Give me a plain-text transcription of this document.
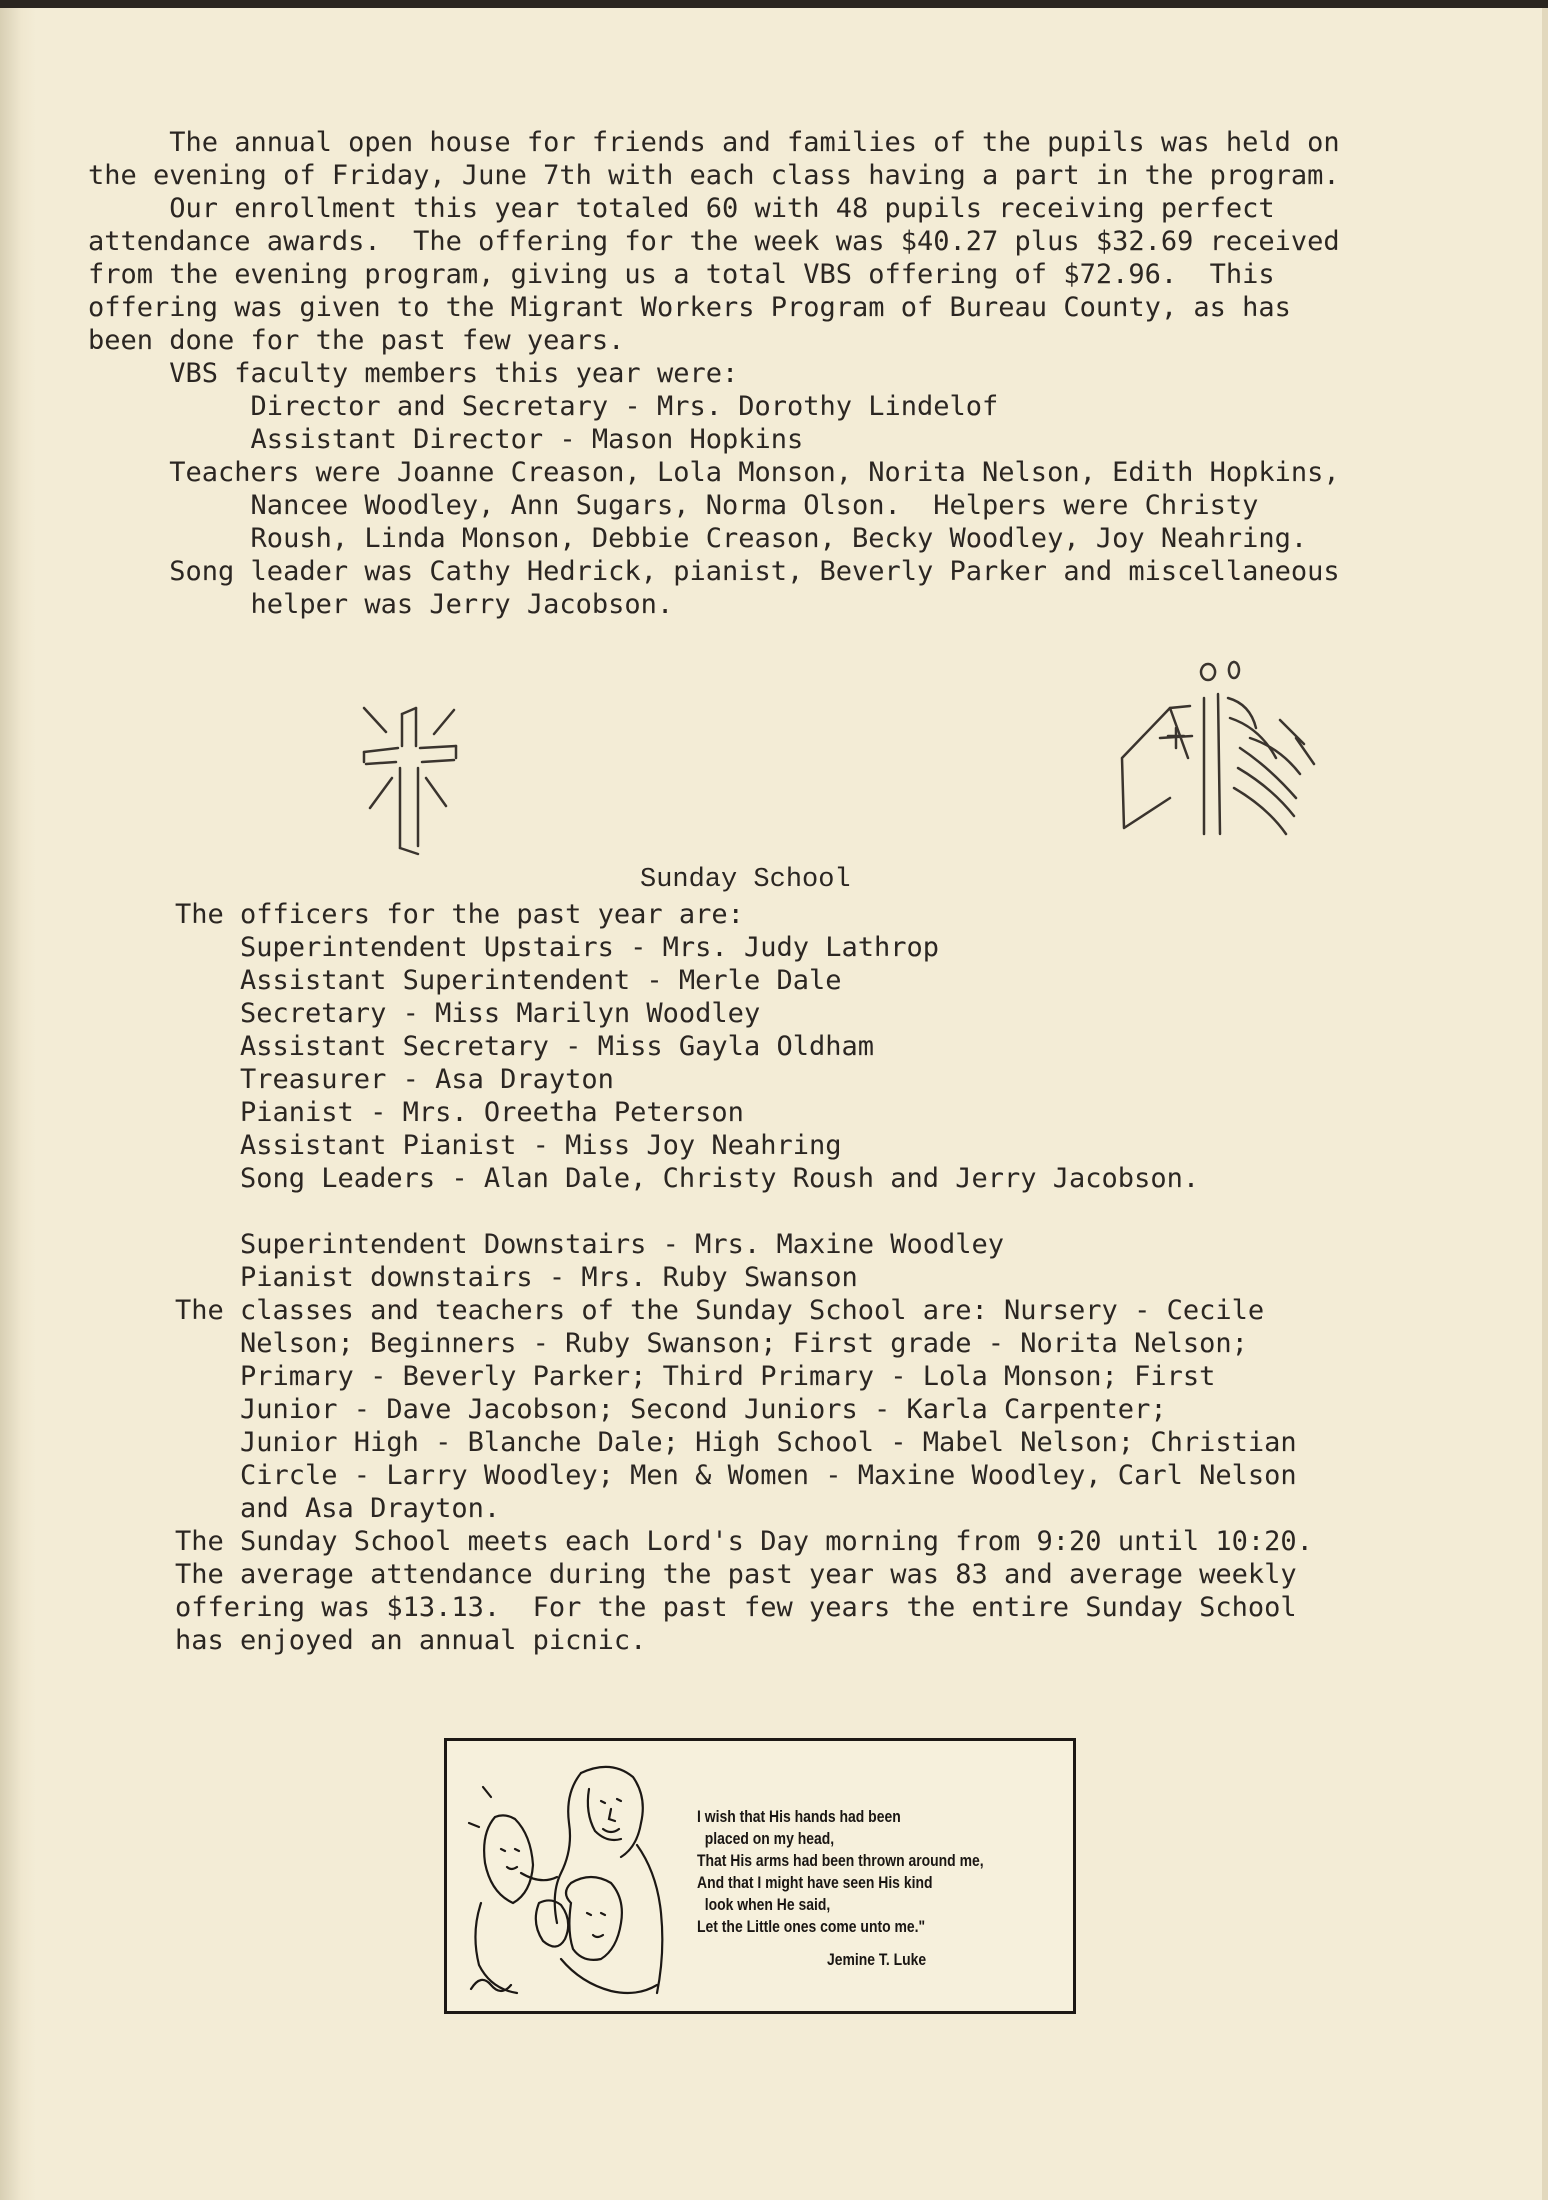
The annual open house for friends and families of the pupils was held on
the evening of Friday, June 7th with each class having a part in the program.
Our enrollment this year totaled 60 with 48 pupils receiving perfect
attendance awards.  The offering for the week was $40.27 plus $32.69 received
from the evening program, giving us a total VBS offering of $72.96.  This
offering was given to the Migrant Workers Program of Bureau County, as has
been done for the past few years.
VBS faculty members this year were:
Director and Secretary - Mrs. Dorothy Lindelof
Assistant Director - Mason Hopkins
Teachers were Joanne Creason, Lola Monson, Norita Nelson, Edith Hopkins,
Nancee Woodley, Ann Sugars, Norma Olson.  Helpers were Christy
Roush, Linda Monson, Debbie Creason, Becky Woodley, Joy Neahring.
Song leader was Cathy Hedrick, pianist, Beverly Parker and miscellaneous
helper was Jerry Jacobson.
Sunday School
The officers for the past year are:
Superintendent Upstairs - Mrs. Judy Lathrop
Assistant Superintendent - Merle Dale
Secretary - Miss Marilyn Woodley
Assistant Secretary - Miss Gayla Oldham
Treasurer - Asa Drayton
Pianist - Mrs. Oreetha Peterson
Assistant Pianist - Miss Joy Neahring
Song Leaders - Alan Dale, Christy Roush and Jerry Jacobson.

Superintendent Downstairs - Mrs. Maxine Woodley
Pianist downstairs - Mrs. Ruby Swanson
The classes and teachers of the Sunday School are: Nursery - Cecile
Nelson; Beginners - Ruby Swanson; First grade - Norita Nelson;
Primary - Beverly Parker; Third Primary - Lola Monson; First
Junior - Dave Jacobson; Second Juniors - Karla Carpenter;
Junior High - Blanche Dale; High School - Mabel Nelson; Christian
Circle - Larry Woodley; Men & Women - Maxine Woodley, Carl Nelson
and Asa Drayton.
The Sunday School meets each Lord's Day morning from 9:20 until 10:20.
The average attendance during the past year was 83 and average weekly
offering was $13.13.  For the past few years the entire Sunday School
has enjoyed an annual picnic.
I wish that His hands had been
placed on my head,
That His arms had been thrown around me,
And that I might have seen His kind
look when He said,
Let the Little ones come unto me."
Jemine T. Luke
